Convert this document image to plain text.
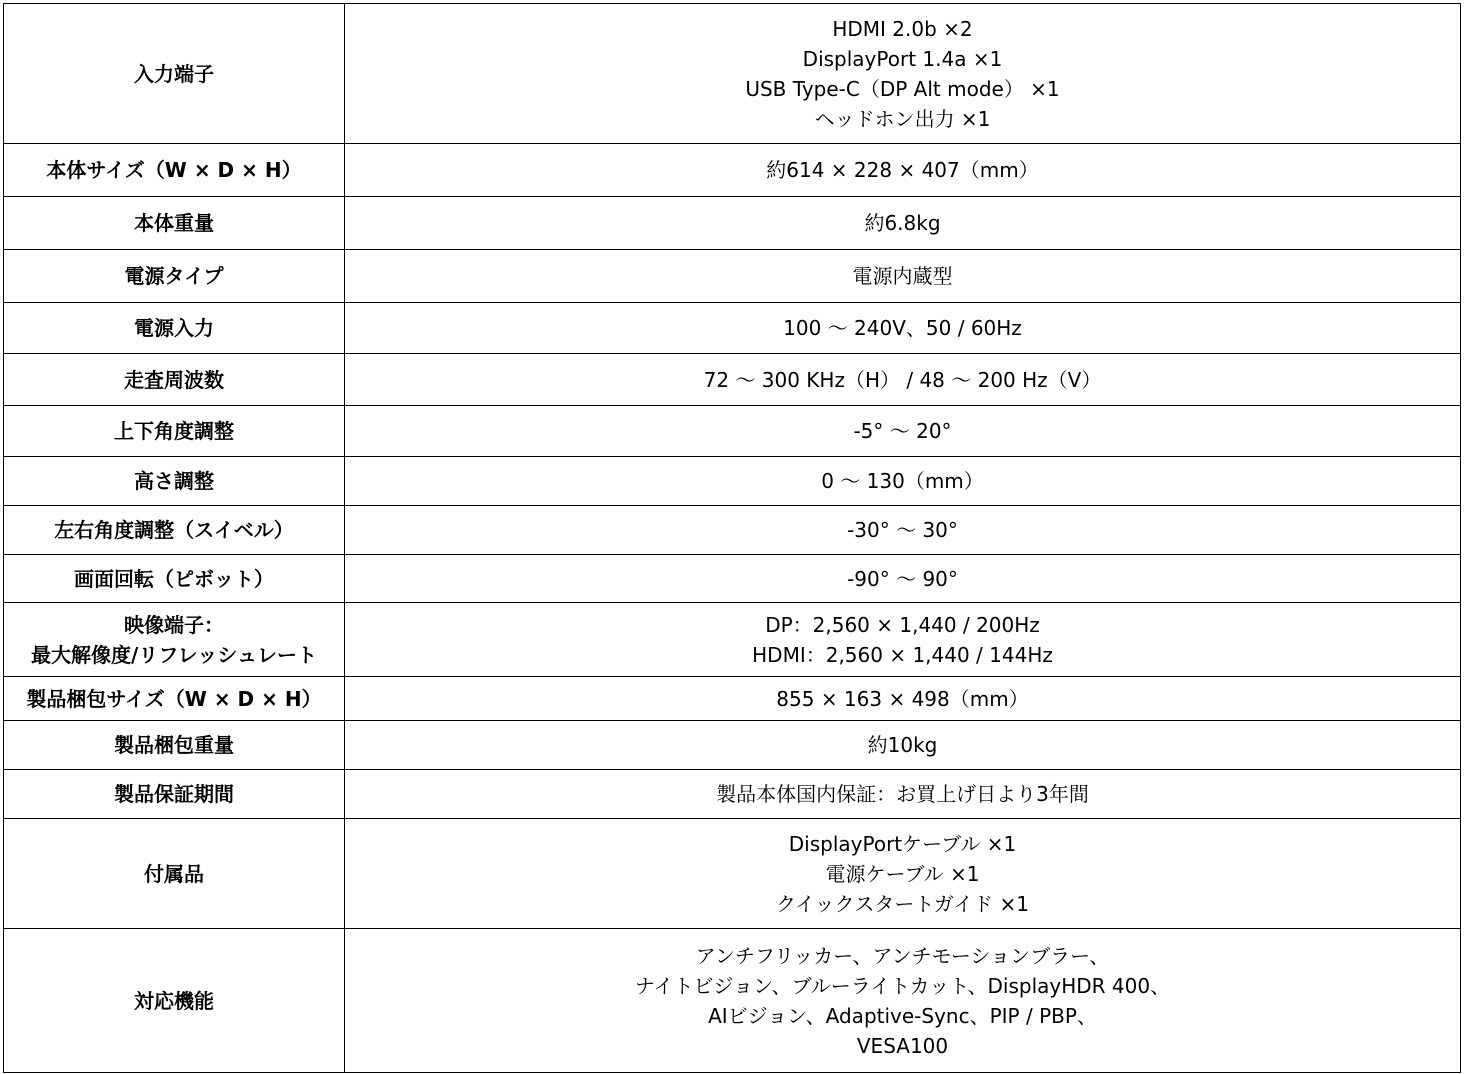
入力端子	HDMI 2.0b ×2
DisplayPort 1.4a ×1
USB Type-C（DP Alt mode） ×1
ヘッドホン出力 ×1

本体サイズ（W × D × H）	約614 × 228 × 407（mm）

本体重量	約6.8kg

電源タイプ	電源内蔵型

電源入力	100 ～ 240V、50 / 60Hz

走査周波数	72 ～ 300 KHz（H） / 48 ～ 200 Hz（V）

上下角度調整	-5° ～ 20°

高さ調整	0 ～ 130（mm）

左右角度調整（スイベル）	-30° ～ 30°

画面回転（ピボット）	-90° ～ 90°

映像端子：
最大解像度/リフレッシュレート	DP：2,560 × 1,440 / 200Hz
HDMI：2,560 × 1,440 / 144Hz

製品梱包サイズ（W × D × H）	855 × 163 × 498（mm）

製品梱包重量	約10kg

製品保証期間	製品本体国内保証：お買上げ日より3年間

付属品	DisplayPortケーブル ×1
電源ケーブル ×1
クイックスタートガイド ×1

対応機能	アンチフリッカー、アンチモーションブラー、
ナイトビジョン、ブルーライトカット、DisplayHDR 400、
AIビジョン、Adaptive-Sync、PIP / PBP、
VESA100
